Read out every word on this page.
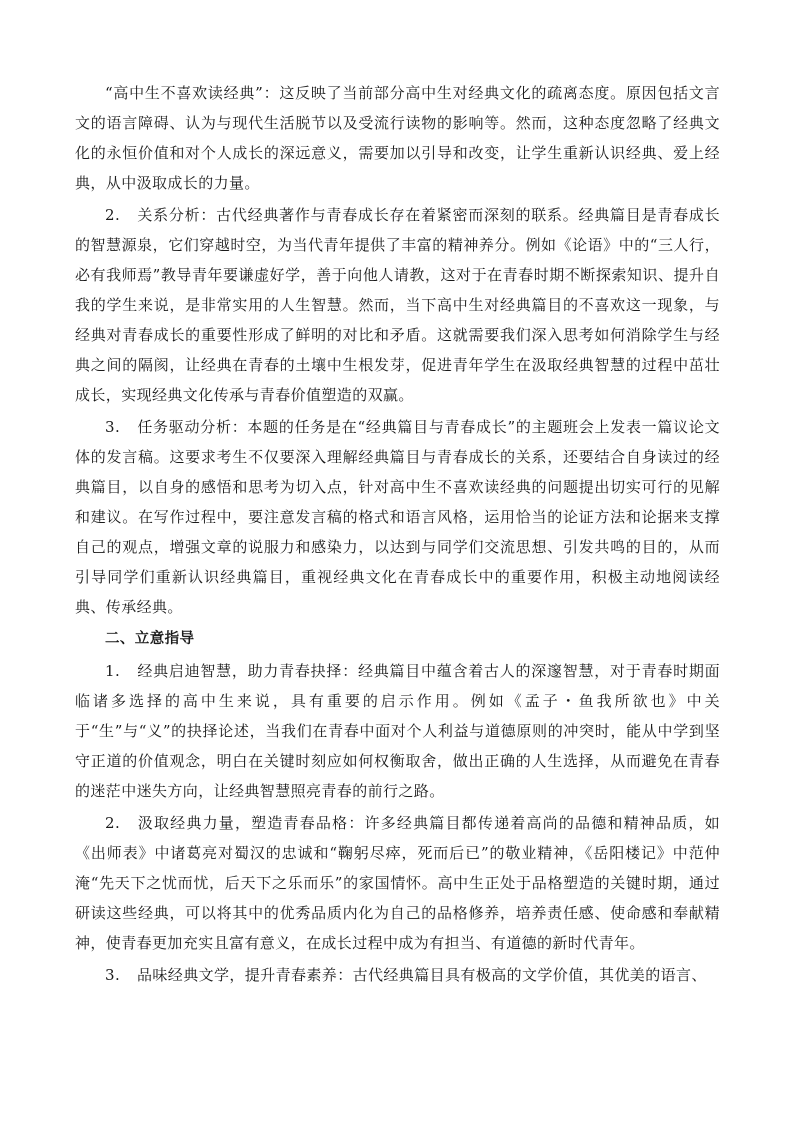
“高中生不喜欢读经典”：这反映了当前部分高中生对经典文化的疏离态度。原因包括文言文的语言障碍、认为与现代生活脱节以及受流行读物的影响等。然而，这种态度忽略了经典文化的永恒价值和对个人成长的深远意义，需要加以引导和改变，让学生重新认识经典、爱上经典，从中汲取成长的力量。

2. 关系分析：古代经典著作与青春成长存在着紧密而深刻的联系。经典篇目是青春成长的智慧源泉，它们穿越时空，为当代青年提供了丰富的精神养分。例如《论语》中的“三人行，必有我师焉”教导青年要谦虚好学，善于向他人请教，这对于在青春时期不断探索知识、提升自我的学生来说，是非常实用的人生智慧。然而，当下高中生对经典篇目的不喜欢这一现象，与经典对青春成长的重要性形成了鲜明的对比和矛盾。这就需要我们深入思考如何消除学生与经典之间的隔阂，让经典在青春的土壤中生根发芽，促进青年学生在汲取经典智慧的过程中茁壮成长，实现经典文化传承与青春价值塑造的双赢。

3. 任务驱动分析：本题的任务是在“经典篇目与青春成长”的主题班会上发表一篇议论文体的发言稿。这要求考生不仅要深入理解经典篇目与青春成长的关系，还要结合自身读过的经典篇目，以自身的感悟和思考为切入点，针对高中生不喜欢读经典的问题提出切实可行的见解和建议。在写作过程中，要注意发言稿的格式和语言风格，运用恰当的论证方法和论据来支撑自己的观点，增强文章的说服力和感染力，以达到与同学们交流思想、引发共鸣的目的，从而引导同学们重新认识经典篇目，重视经典文化在青春成长中的重要作用，积极主动地阅读经典、传承经典。

二、立意指导

1. 经典启迪智慧，助力青春抉择：经典篇目中蕴含着古人的深邃智慧，对于青春时期面临诸多选择的高中生来说，具有重要的启示作用。例如《孟子・鱼我所欲也》中关于“生”与“义”的抉择论述，当我们在青春中面对个人利益与道德原则的冲突时，能从中学到坚守正道的价值观念，明白在关键时刻应如何权衡取舍，做出正确的人生选择，从而避免在青春的迷茫中迷失方向，让经典智慧照亮青春的前行之路。

2. 汲取经典力量，塑造青春品格：许多经典篇目都传递着高尚的品德和精神品质，如《出师表》中诸葛亮对蜀汉的忠诚和“鞠躬尽瘁，死而后已”的敬业精神，《岳阳楼记》中范仲淹“先天下之忧而忧，后天下之乐而乐”的家国情怀。高中生正处于品格塑造的关键时期，通过研读这些经典，可以将其中的优秀品质内化为自己的品格修养，培养责任感、使命感和奉献精神，使青春更加充实且富有意义，在成长过程中成为有担当、有道德的新时代青年。

3. 品味经典文学，提升青春素养：古代经典篇目具有极高的文学价值，其优美的语言、
